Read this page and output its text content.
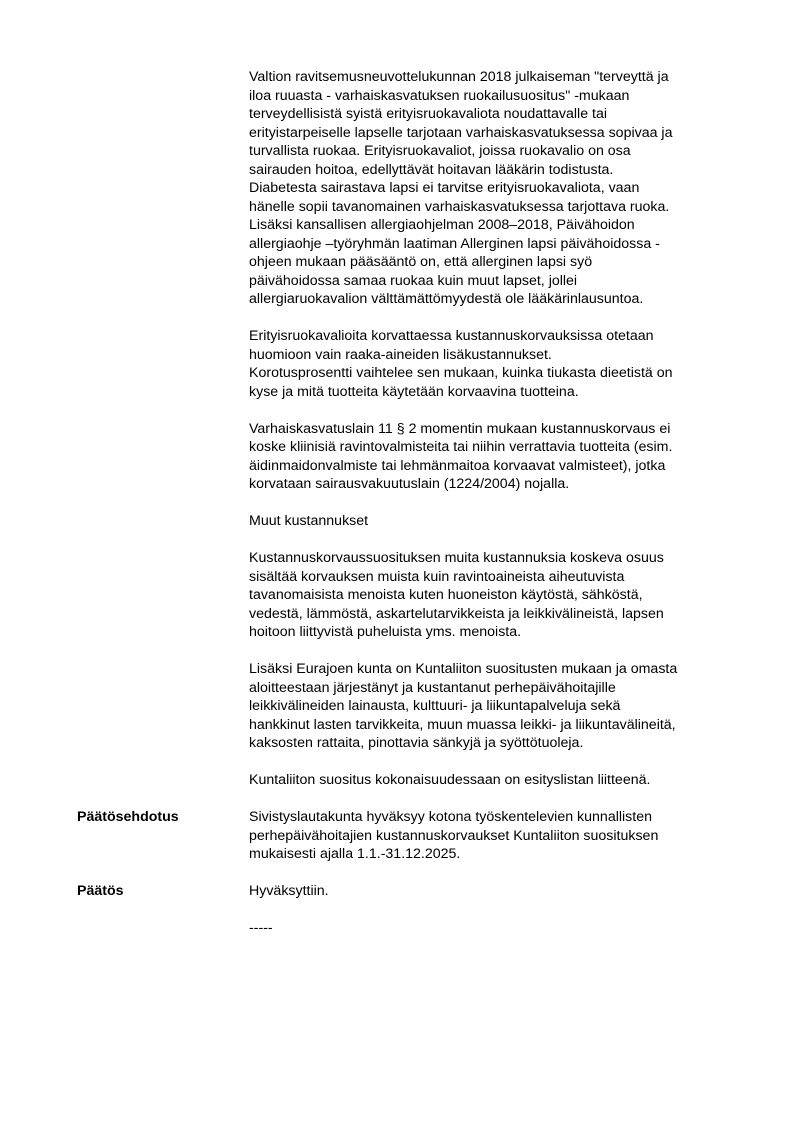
Valtion ravitsemusneuvottelukunnan 2018 julkaiseman "terveyttä ja
iloa ruuasta - varhaiskasvatuksen ruokailusuositus" -mukaan
terveydellisistä syistä erityisruokavaliota noudattavalle tai
erityistarpeiselle lapselle tarjotaan varhaiskasvatuksessa sopivaa ja
turvallista ruokaa. Erityisruokavaliot, joissa ruokavalio on osa
sairauden hoitoa, edellyttävät hoitavan lääkärin todistusta.
Diabetesta sairastava lapsi ei tarvitse erityisruokavaliota, vaan
hänelle sopii tavanomainen varhaiskasvatuksessa tarjottava ruoka.
Lisäksi kansallisen allergiaohjelman 2008–2018, Päivähoidon
allergiaohje –työryhmän laatiman Allerginen lapsi päivähoidossa -
ohjeen mukaan pääsääntö on, että allerginen lapsi syö
päivähoidossa samaa ruokaa kuin muut lapset, jollei
allergiaruokavalion välttämättömyydestä ole lääkärinlausuntoa.
Erityisruokavalioita korvattaessa kustannuskorvauksissa otetaan
huomioon vain raaka-aineiden lisäkustannukset.
Korotusprosentti vaihtelee sen mukaan, kuinka tiukasta dieetistä on
kyse ja mitä tuotteita käytetään korvaavina tuotteina.
Varhaiskasvatuslain 11 § 2 momentin mukaan kustannuskorvaus ei
koske kliinisiä ravintovalmisteita tai niihin verrattavia tuotteita (esim.
äidinmaidonvalmiste tai lehmänmaitoa korvaavat valmisteet), jotka
korvataan sairausvakuutuslain (1224/2004) nojalla.
Muut kustannukset
Kustannuskorvaussuosituksen muita kustannuksia koskeva osuus
sisältää korvauksen muista kuin ravintoaineista aiheutuvista
tavanomaisista menoista kuten huoneiston käytöstä, sähköstä,
vedestä, lämmöstä, askartelutarvikkeista ja leikkivälineistä, lapsen
hoitoon liittyvistä puheluista yms. menoista.
Lisäksi Eurajoen kunta on Kuntaliiton suositusten mukaan ja omasta
aloitteestaan järjestänyt ja kustantanut perhepäivähoitajille
leikkivälineiden lainausta, kulttuuri- ja liikuntapalveluja sekä
hankkinut lasten tarvikkeita, muun muassa leikki- ja liikuntavälineitä,
kaksosten rattaita, pinottavia sänkyjä ja syöttötuoleja.
Kuntaliiton suositus kokonaisuudessaan on esityslistan liitteenä.
Päätösehdotus	Sivistyslautakunta hyväksyy kotona työskentelevien kunnallisten
perhepäivähoitajien kustannuskorvaukset Kuntaliiton suosituksen
mukaisesti ajalla 1.1.-31.12.2025.
Päätös	Hyväksyttiin.
-----
